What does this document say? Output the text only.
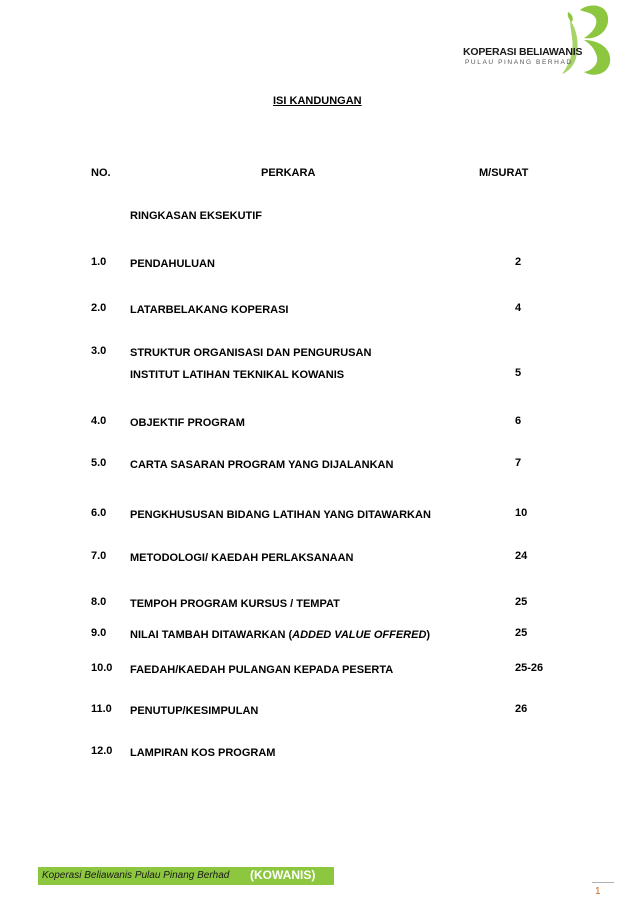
KOPERASI BELIAWANIS
PULAU PINANG BERHAD
ISI KANDUNGAN
NO.	PERKARA	M/SURAT
RINGKASAN EKSEKUTIF
1.0 PENDAHULUAN	2
2.0 LATARBELAKANG KOPERASI	4
3.0 STRUKTUR ORGANISASI DAN PENGURUSAN
INSTITUT LATIHAN TEKNIKAL KOWANIS	5
4.0 OBJEKTIF PROGRAM	6
5.0 CARTA SASARAN PROGRAM YANG DIJALANKAN	7
6.0 PENGKHUSUSAN BIDANG LATIHAN YANG DITAWARKAN	10
7.0 METODOLOGI/ KAEDAH PERLAKSANAAN	24
8.0 TEMPOH PROGRAM KURSUS / TEMPAT	25
9.0 NILAI TAMBAH DITAWARKAN (ADDED VALUE OFFERED)	25
10.0 FAEDAH/KAEDAH PULANGAN KEPADA PESERTA	25-26
11.0 PENUTUP/KESIMPULAN	26
12.0 LAMPIRAN KOS PROGRAM
Koperasi Beliawanis Pulau Pinang Berhad (KOWANIS)
1
